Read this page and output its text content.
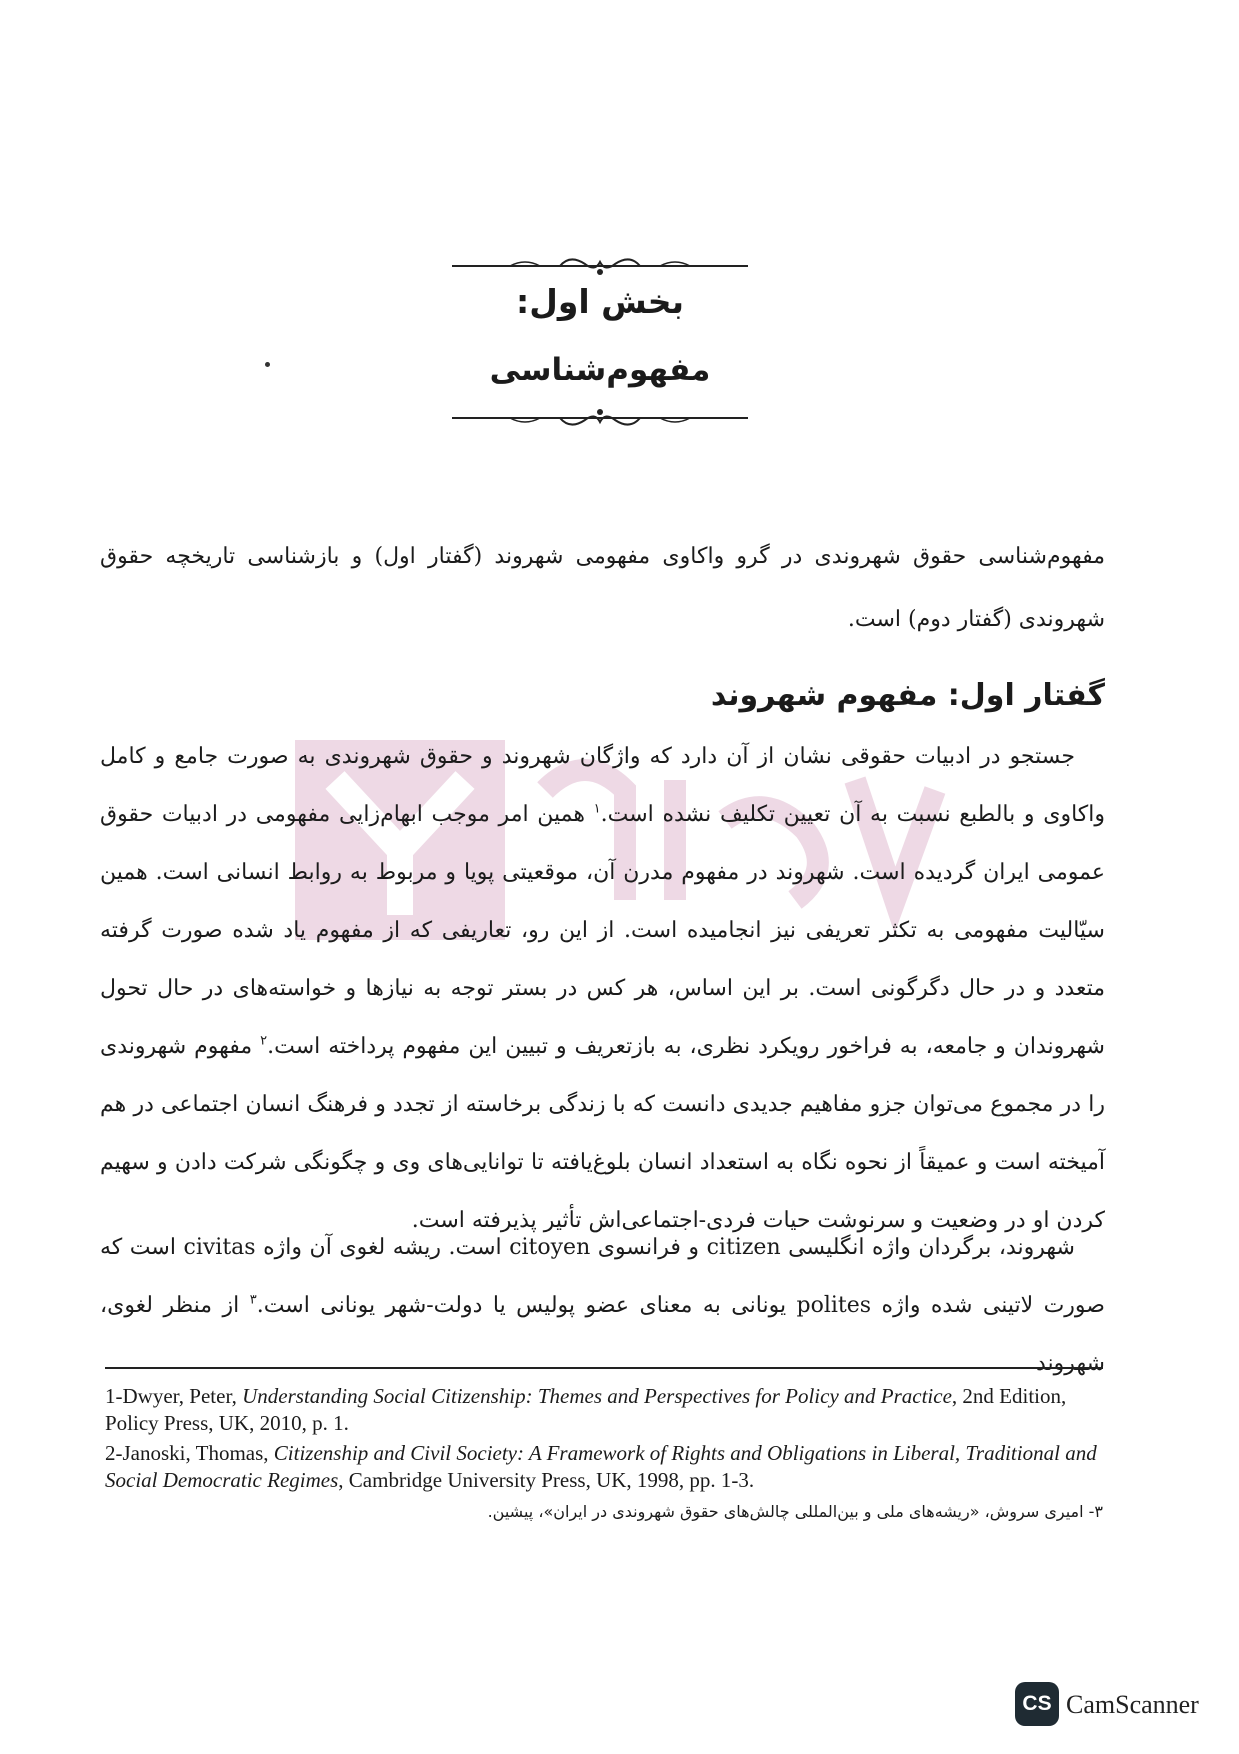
بخش اول:
مفهوم‌شناسی

مفهوم‌شناسی حقوق شهروندی در گرو واکاوی مفهومی شهروند (گفتار اول) و بازشناسی تاریخچه حقوق شهروندی (گفتار دوم) است.

گفتار اول: مفهوم شهروند

جستجو در ادبیات حقوقی نشان از آن دارد که واژگان شهروند و حقوق شهروندی به صورت جامع و کامل واکاوی و بالطبع نسبت به آن تعیین تکلیف نشده است.$^۱$ همین امر موجب ابهام‌زایی مفهومی در ادبیات حقوق عمومی ایران گردیده است. شهروند در مفهوم مدرن آن، موقعیتی پویا و مربوط به روابط انسانی است. همین سیّالیت مفهومی به تکثر تعریفی نیز انجامیده است. از این رو، تعاریفی که از مفهوم یاد شده صورت گرفته متعدد و در حال دگرگونی است. بر این اساس، هر کس در بستر توجه به نیازها و خواسته‌های در حال تحول شهروندان و جامعه، به فراخور رویکرد نظری، به بازتعریف و تبیین این مفهوم پرداخته است.$^۲$ مفهوم شهروندی را در مجموع می‌توان جزو مفاهیم جدیدی دانست که با زندگی برخاسته از تجدد و فرهنگ انسان اجتماعی در هم آمیخته است و عمیقاً از نحوه نگاه به استعداد انسان بلوغ‌یافته تا توانایی‌های وی و چگونگی شرکت دادن و سهیم کردن او در وضعیت و سرنوشت حیات فردی-اجتماعی‌اش تأثیر پذیرفته است.

شهروند، برگردان واژه انگلیسی citizen و فرانسوی citoyen است. ریشه لغوی آن واژه civitas است که صورت لاتینی شده واژه polites یونانی به معنای عضو پولیس یا دولت-شهر یونانی است.$^۳$ از منظر لغوی، شهروند

1-Dwyer, Peter, Understanding Social Citizenship: Themes and Perspectives for Policy and Practice, 2nd Edition, Policy Press, UK, 2010, p. 1.
2-Janoski, Thomas, Citizenship and Civil Society: A Framework of Rights and Obligations in Liberal, Traditional and Social Democratic Regimes, Cambridge University Press, UK, 1998, pp. 1-3.
۳- امیری سروش، «ریشه‌های ملی و بین‌المللی چالش‌های حقوق شهروندی در ایران»، پیشین.
CS CamScanner
